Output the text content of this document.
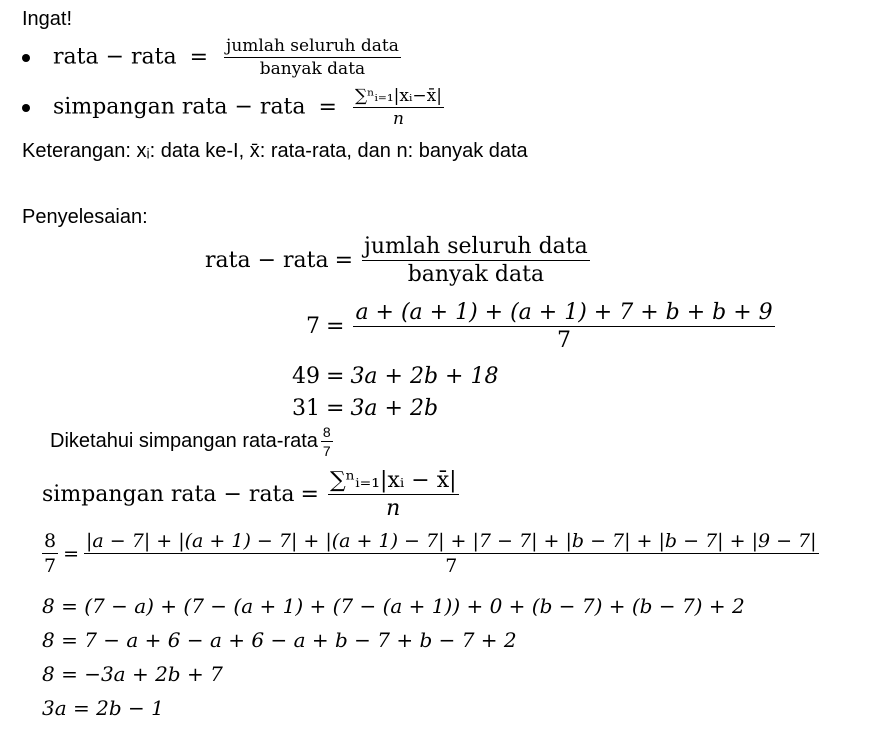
Ingat!
rata − rata = $\frac{\text{jumlah seluruh data}}{\text{banyak data}}$
simpangan rata − rata = $\frac{\text{∑ⁿᵢ₌₁|xᵢ−x̄|}}{n}$
Keterangan: xᵢ: data ke-I, x̄: rata-rata, dan n: banyak data
Penyelesaian:
rata − rata = $\frac{\text{jumlah seluruh data}}{\text{banyak data}}$
$7 = \frac{a + (a + 1) + (a + 1) + 7 + b + b + 9}{7}$
49 = 3a + 2b + 18
31 = 3a + 2b
Diketahui simpangan rata-rata $\frac{8}{7}$
simpangan rata − rata = $\frac{\text{∑ⁿᵢ₌₁|xᵢ − x̄|}}{n}$
$\frac{8}{7}$ =
|a − 7| + |(a + 1) − 7| + |(a + 1) − 7| + |7 − 7| + |b − 7| + |b − 7| + |9 − 7|
7
8 = (7 − a) + (7 − (a + 1) + (7 − (a + 1)) + 0 + (b − 7) + (b − 7) + 2
8 = 7 − a + 6 − a + 6 − a + b − 7 + b − 7 + 2
8 = −3a + 2b + 7
3a = 2b − 1
